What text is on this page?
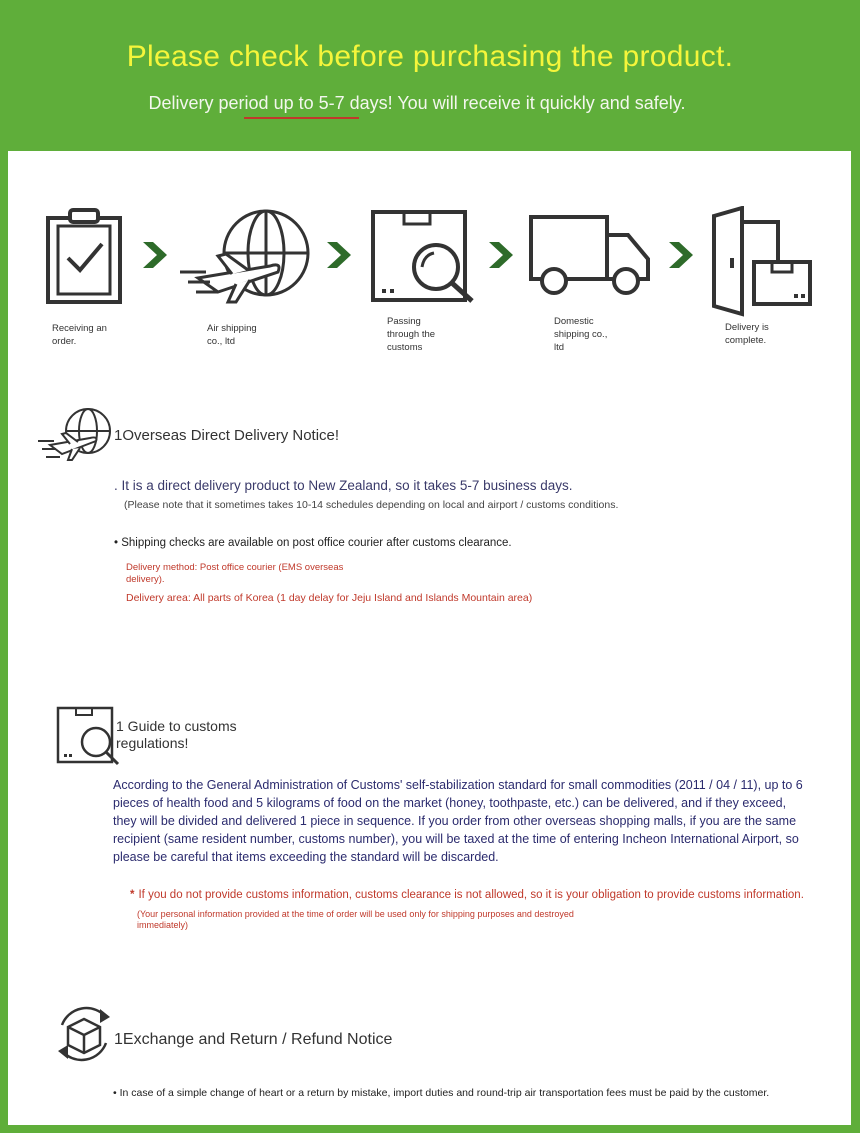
Please check before purchasing the product.
Delivery period up to 5-7 days! You will receive it quickly and safely.
Receiving an order.
Air shipping co., ltd
Passing through the customs
Domestic shipping co., ltd
Delivery is complete.
1Overseas Direct Delivery Notice!
. It is a direct delivery product to New Zealand, so it takes 5-7 business days.
(Please note that it sometimes takes 10-14 schedules depending on local and airport / customs conditions.
• Shipping checks are available on post office courier after customs clearance.
Delivery method: Post office courier (EMS overseas delivery).
Delivery area: All parts of Korea (1 day delay for Jeju Island and Islands Mountain area)
1 Guide to customs
regulations!
According to the General Administration of Customs' self-stabilization standard for small commodities (2011 / 04 / 11), up to 6 pieces of health food and 5 kilograms of food on the market (honey, toothpaste, etc.) can be delivered, and if they exceed, they will be divided and delivered 1 piece in sequence. If you order from other overseas shopping malls, if you are the same recipient (same resident number, customs number), you will be taxed at the time of entering Incheon International Airport, so please be careful that items exceeding the standard will be discarded.
* If you do not provide customs information, customs clearance is not allowed, so it is your obligation to provide customs information.
(Your personal information provided at the time of order will be used only for shipping purposes and destroyed immediately)
1Exchange and Return / Refund Notice
• In case of a simple change of heart or a return by mistake, import duties and round-trip air transportation fees must be paid by the customer.
